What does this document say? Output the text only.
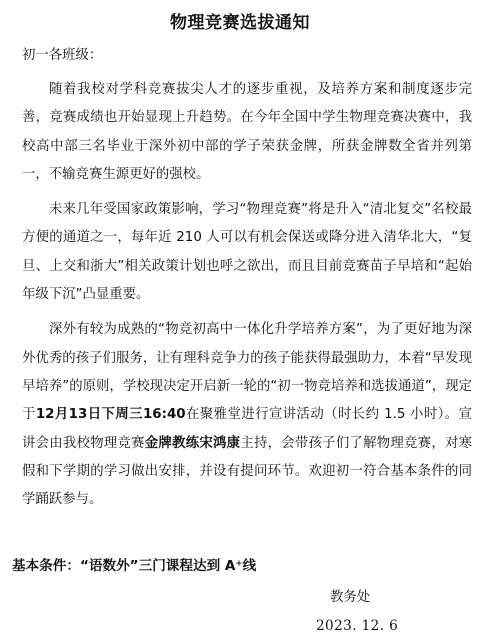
物理竞赛选拔通知
初一各班级：

随着我校对学科竞赛拔尖人才的逐步重视，及培养方案和制度逐步完善，竞赛成绩也开始显现上升趋势。在今年全国中学生物理竞赛决赛中，我校高中部三名毕业于深外初中部的学子荣获金牌，所获金牌数全省并列第一，不输竞赛生源更好的强校。

未来几年受国家政策影响，学习“物理竞赛”将是升入“清北复交”名校最方便的通道之一，每年近 210 人可以有机会保送或降分进入清华北大，“复旦、上交和浙大”相关政策计划也呼之欲出，而且目前竞赛苗子早培和“起始年级下沉”凸显重要。

深外有较为成熟的“物竞初高中一体化升学培养方案”，为了更好地为深外优秀的孩子们服务，让有理科竞争力的孩子能获得最强助力，本着“早发现早培养”的原则，学校现决定开启新一轮的“初一物竞培养和选拔通道”，现定于12月13日下周三16:40在聚雅堂进行宣讲活动（时长约 1.5 小时）。宣讲会由我校物理竞赛金牌教练宋鸿康主持，会带孩子们了解物理竞赛，对寒假和下学期的学习做出安排，并设有提问环节。欢迎初一符合基本条件的同学踊跃参与。

基本条件：“语数外”三门课程达到 A⁺线
教务处
2023. 12. 6
